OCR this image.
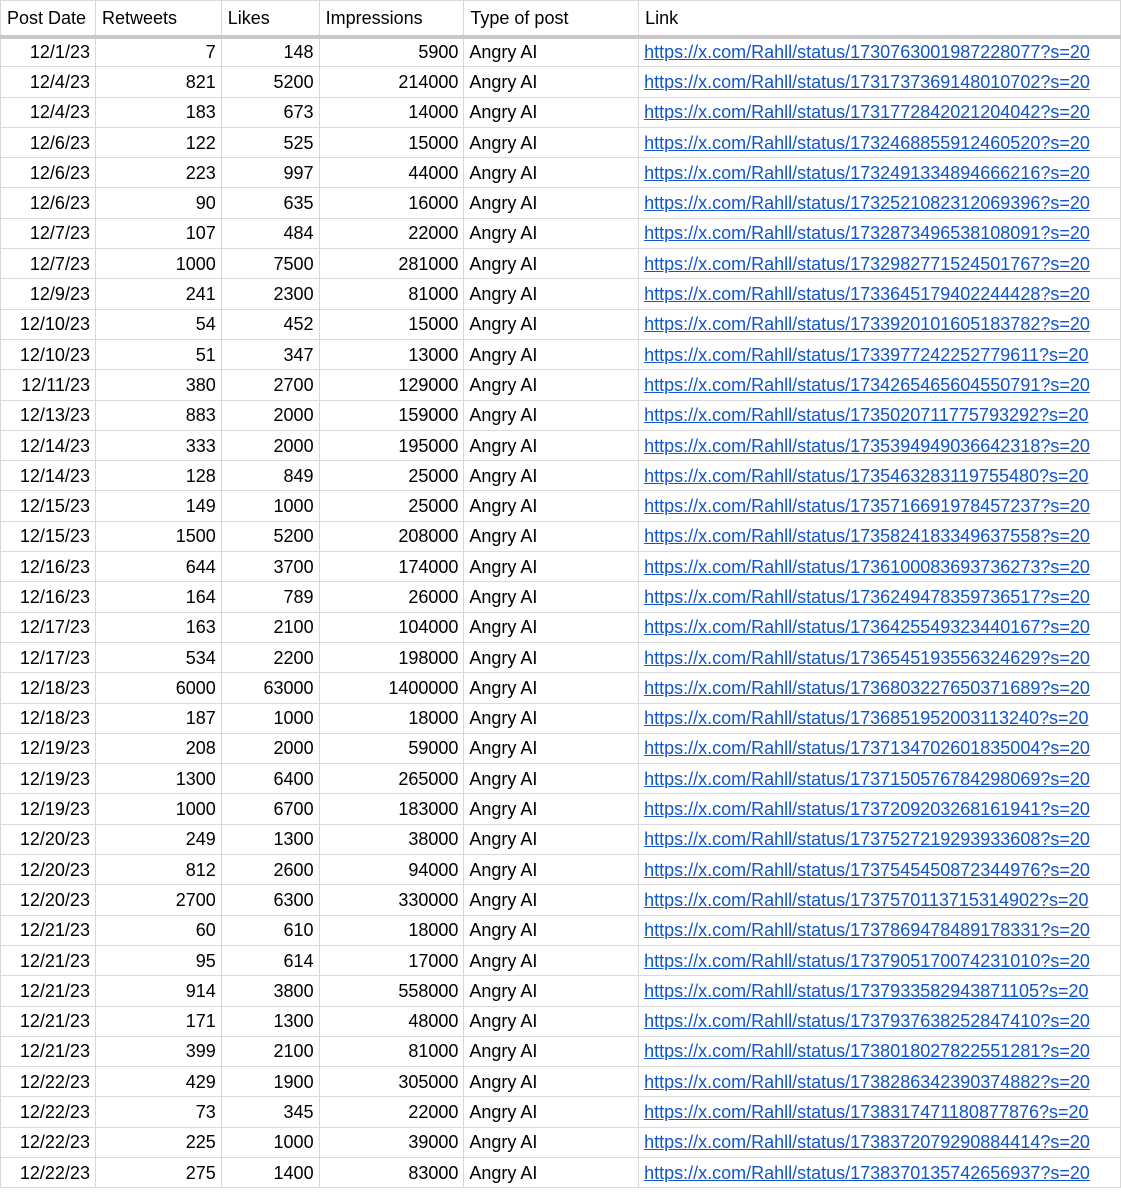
Post Date	Retweets	Likes	Impressions	Type of post	Link
12/1/23	7	148	5900	Angry AI	https://x.com/Rahll/status/1730763001987228077?s=20

12/4/23	821	5200	214000	Angry AI	https://x.com/Rahll/status/1731737369148010702?s=20

12/4/23	183	673	14000	Angry AI	https://x.com/Rahll/status/1731772842021204042?s=20

12/6/23	122	525	15000	Angry AI	https://x.com/Rahll/status/1732468855912460520?s=20

12/6/23	223	997	44000	Angry AI	https://x.com/Rahll/status/1732491334894666216?s=20

12/6/23	90	635	16000	Angry AI	https://x.com/Rahll/status/1732521082312069396?s=20

12/7/23	107	484	22000	Angry AI	https://x.com/Rahll/status/1732873496538108091?s=20

12/7/23	1000	7500	281000	Angry AI	https://x.com/Rahll/status/1732982771524501767?s=20

12/9/23	241	2300	81000	Angry AI	https://x.com/Rahll/status/1733645179402244428?s=20

12/10/23	54	452	15000	Angry AI	https://x.com/Rahll/status/1733920101605183782?s=20

12/10/23	51	347	13000	Angry AI	https://x.com/Rahll/status/1733977242252779611?s=20

12/11/23	380	2700	129000	Angry AI	https://x.com/Rahll/status/1734265465604550791?s=20

12/13/23	883	2000	159000	Angry AI	https://x.com/Rahll/status/1735020711775793292?s=20

12/14/23	333	2000	195000	Angry AI	https://x.com/Rahll/status/1735394949036642318?s=20

12/14/23	128	849	25000	Angry AI	https://x.com/Rahll/status/1735463283119755480?s=20

12/15/23	149	1000	25000	Angry AI	https://x.com/Rahll/status/1735716691978457237?s=20

12/15/23	1500	5200	208000	Angry AI	https://x.com/Rahll/status/1735824183349637558?s=20

12/16/23	644	3700	174000	Angry AI	https://x.com/Rahll/status/1736100083693736273?s=20

12/16/23	164	789	26000	Angry AI	https://x.com/Rahll/status/1736249478359736517?s=20

12/17/23	163	2100	104000	Angry AI	https://x.com/Rahll/status/1736425549323440167?s=20

12/17/23	534	2200	198000	Angry AI	https://x.com/Rahll/status/1736545193556324629?s=20

12/18/23	6000	63000	1400000	Angry AI	https://x.com/Rahll/status/1736803227650371689?s=20

12/18/23	187	1000	18000	Angry AI	https://x.com/Rahll/status/1736851952003113240?s=20

12/19/23	208	2000	59000	Angry AI	https://x.com/Rahll/status/1737134702601835004?s=20

12/19/23	1300	6400	265000	Angry AI	https://x.com/Rahll/status/1737150576784298069?s=20

12/19/23	1000	6700	183000	Angry AI	https://x.com/Rahll/status/1737209203268161941?s=20

12/20/23	249	1300	38000	Angry AI	https://x.com/Rahll/status/1737527219293933608?s=20

12/20/23	812	2600	94000	Angry AI	https://x.com/Rahll/status/1737545450872344976?s=20

12/20/23	2700	6300	330000	Angry AI	https://x.com/Rahll/status/1737570113715314902?s=20

12/21/23	60	610	18000	Angry AI	https://x.com/Rahll/status/1737869478489178331?s=20

12/21/23	95	614	17000	Angry AI	https://x.com/Rahll/status/1737905170074231010?s=20

12/21/23	914	3800	558000	Angry AI	https://x.com/Rahll/status/1737933582943871105?s=20

12/21/23	171	1300	48000	Angry AI	https://x.com/Rahll/status/1737937638252847410?s=20

12/21/23	399	2100	81000	Angry AI	https://x.com/Rahll/status/1738018027822551281?s=20

12/22/23	429	1900	305000	Angry AI	https://x.com/Rahll/status/1738286342390374882?s=20

12/22/23	73	345	22000	Angry AI	https://x.com/Rahll/status/1738317471180877876?s=20

12/22/23	225	1000	39000	Angry AI	https://x.com/Rahll/status/1738372079290884414?s=20

12/22/23	275	1400	83000	Angry AI	https://x.com/Rahll/status/1738370135742656937?s=20
